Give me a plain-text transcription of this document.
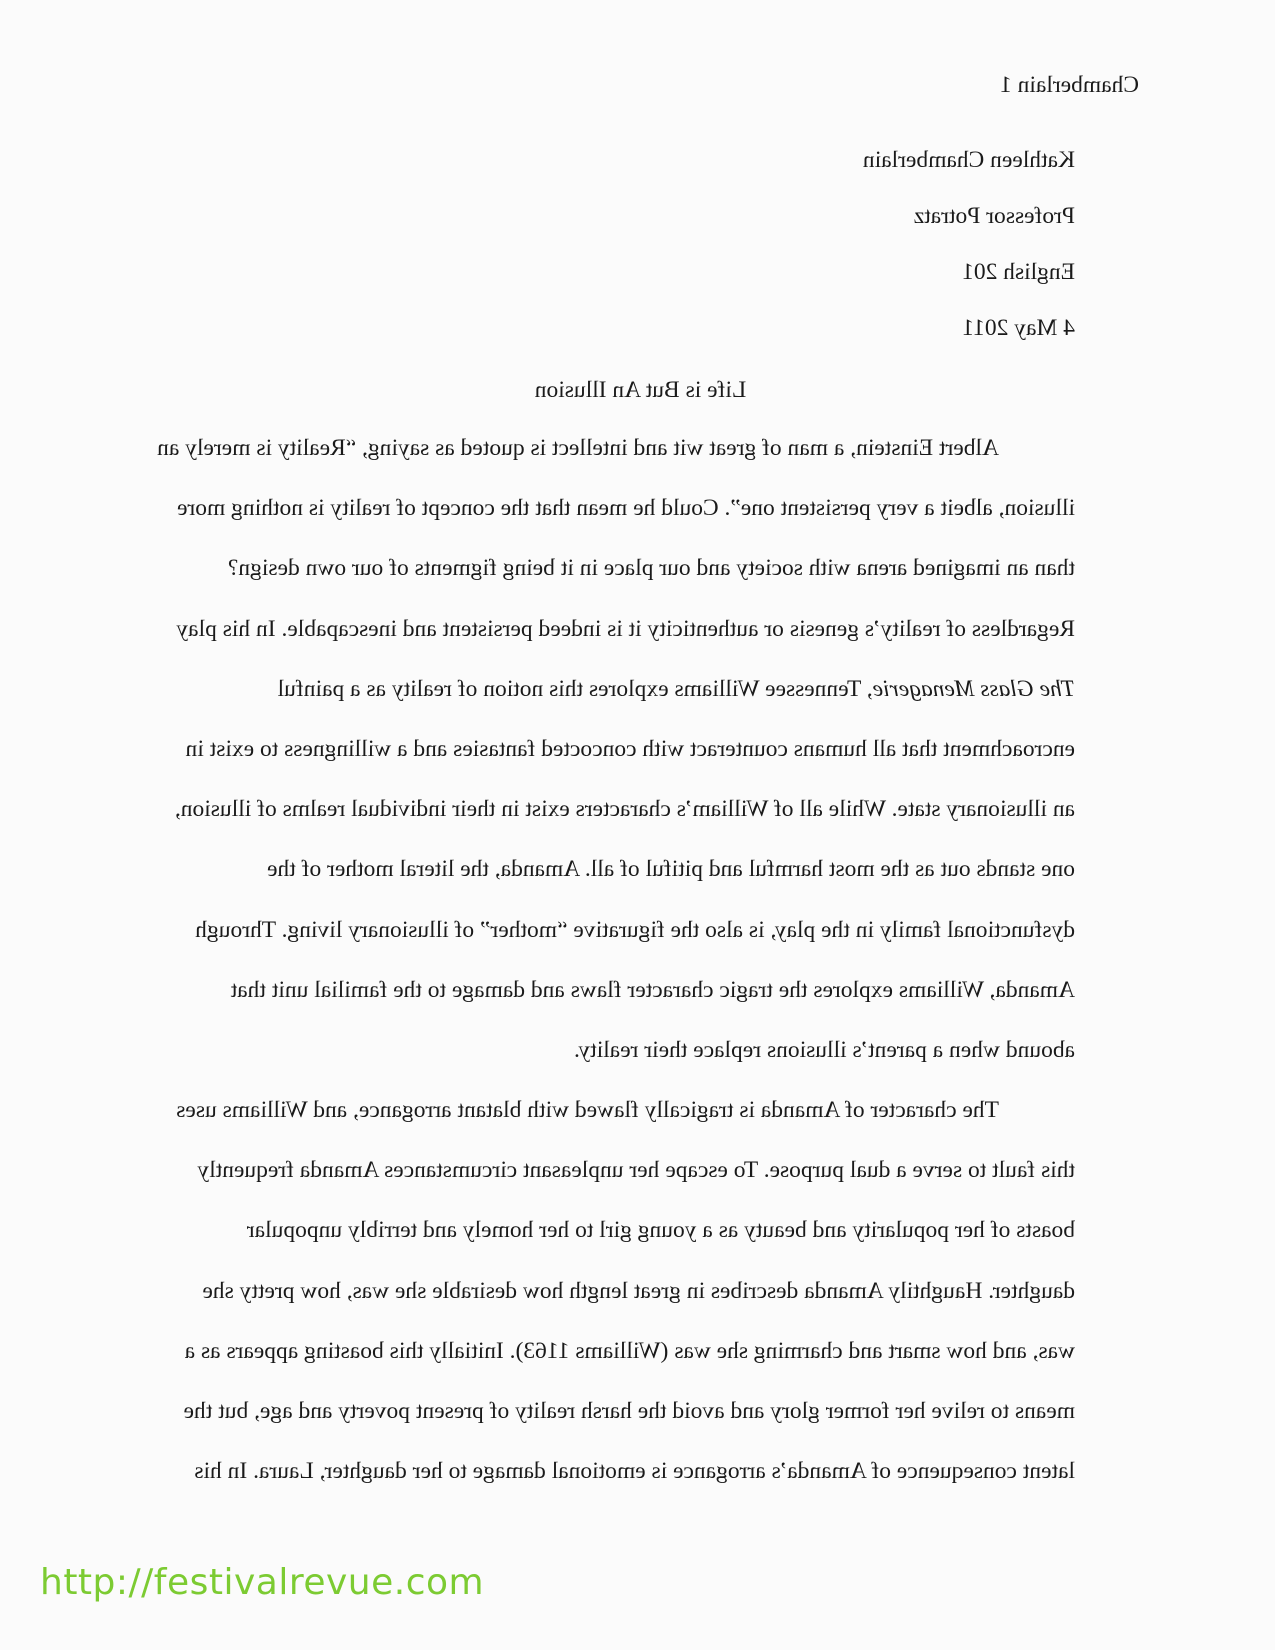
Chamberlain 1
Kathleen Chamberlain
Professor Potratz
English 201
4 May 2011
Life is But An Illusion
Albert Einstein, a man of great wit and intellect is quoted as saying, “Reality is merely an
illusion, albeit a very persistent one”. Could he mean that the concept of reality is nothing more
than an imagined arena with society and our place in it being figments of our own design?
Regardless of reality’s genesis or authenticity it is indeed persistent and inescapable. In his play
The Glass Menagerie, Tennessee Williams explores this notion of reality as a painful
encroachment that all humans counteract with concocted fantasies and a willingness to exist in
an illusionary state. While all of William’s characters exist in their individual realms of illusion,
one stands out as the most harmful and pitiful of all. Amanda, the literal mother of the
dysfunctional family in the play, is also the figurative “mother” of illusionary living. Through
Amanda, Williams explores the tragic character flaws and damage to the familial unit that
abound when a parent’s illusions replace their reality.
The character of Amanda is tragically flawed with blatant arrogance, and Williams uses
this fault to serve a dual purpose. To escape her unpleasant circumstances Amanda frequently
boasts of her popularity and beauty as a young girl to her homely and terribly unpopular
daughter. Haughtily Amanda describes in great length how desirable she was, how pretty she
was, and how smart and charming she was (Williams 1163). Initially this boasting appears as a
means to relive her former glory and avoid the harsh reality of present poverty and age, but the
latent consequence of Amanda’s arrogance is emotional damage to her daughter, Laura. In his
http://festivalrevue.com
